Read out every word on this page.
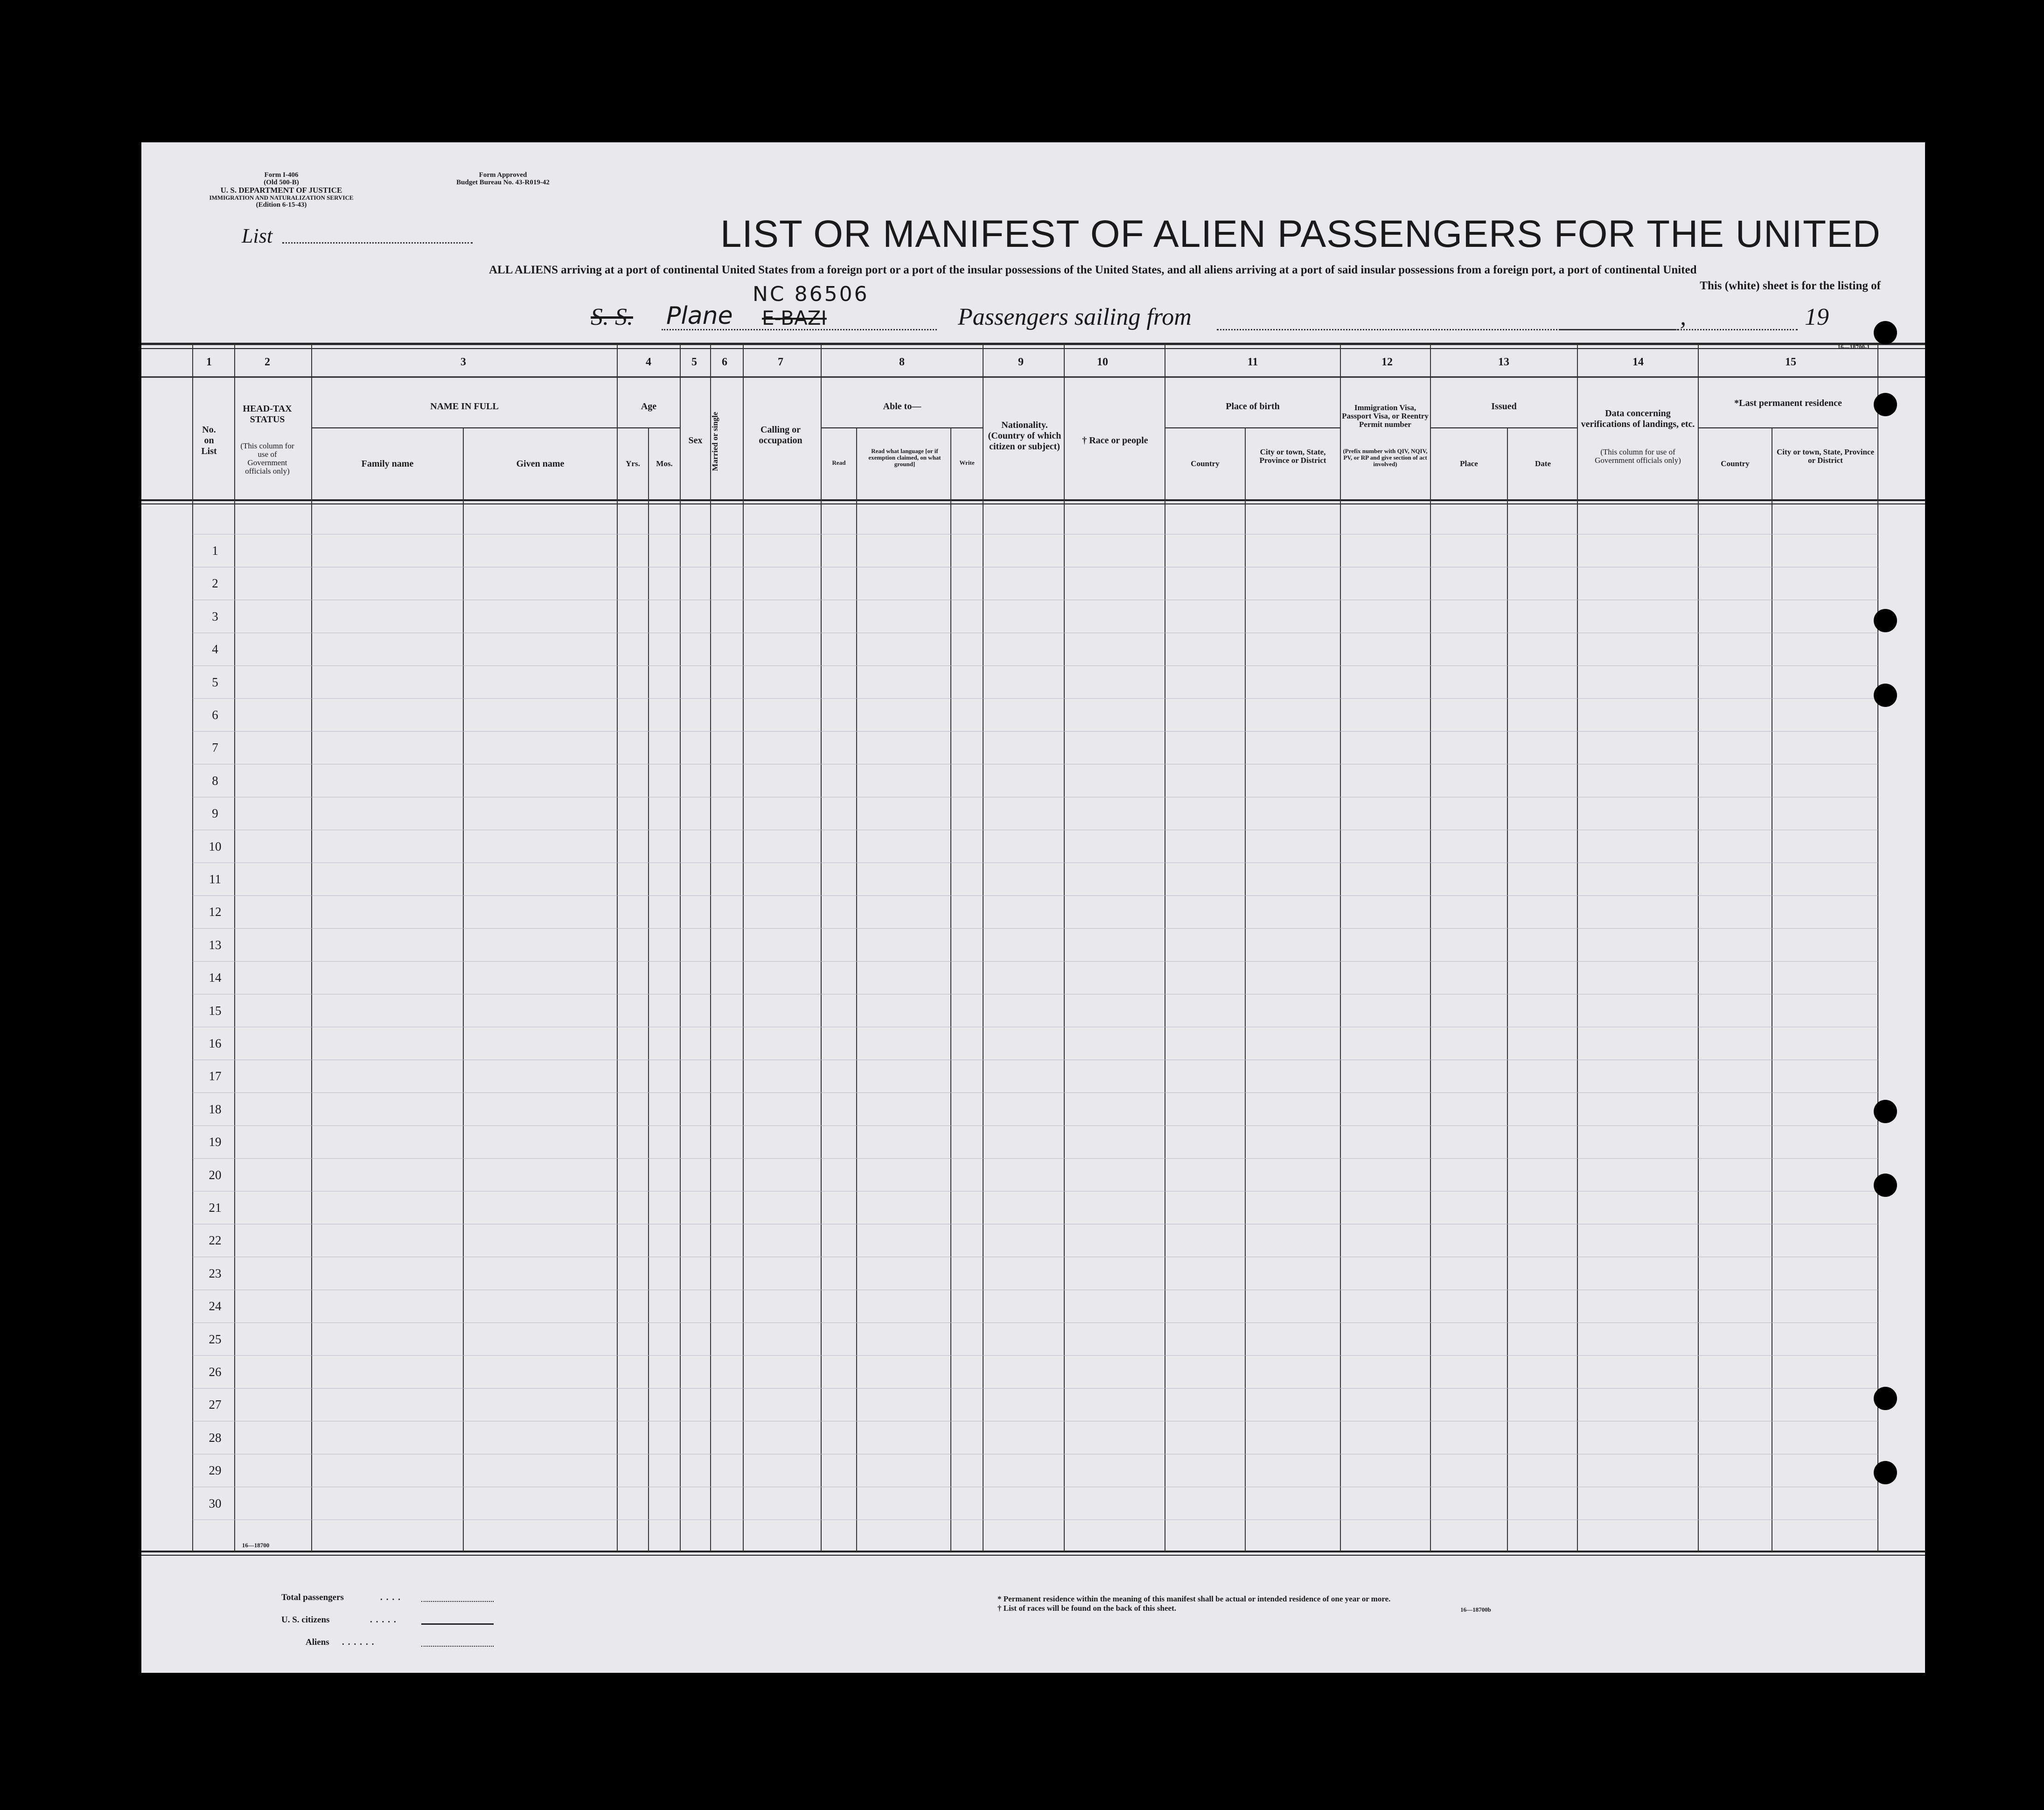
Form I-406
(Old 500-B)
U. S. DEPARTMENT OF JUSTICE
IMMIGRATION AND NATURALIZATION SERVICE
(Edition 6-15-43)
Form Approved
Budget Bureau No. 43-R019-42
List	LIST OR MANIFEST OF ALIEN PASSENGERS FOR THE UNITED
ALL ALIENS arriving at a port of continental United States from a foreign port or a port of the insular possessions of the United States, and all aliens arriving at a port of said insular possessions from a foreign port, a port of continental United
This (white) sheet is for the listing of
S. S. Plane E-BAZI
NC 86506
Passengers sailing from	,	19
1	2	3	4	5	6	7	8	9	10	11	12	13	14	15
16—18700-1
No. on List
HEAD-TAX STATUS
(This column for use of Government officials only)
NAME IN FULL
Family name	Given name
Age
Yrs.	Mos.
Sex	Married or single	Calling or occupation
Able to—
Read
Read what language [or if exemption claimed, on what ground]	Write
Nationality. (Country of which citizen or subject)
† Race or people
Place of birth
Country
City or town, State, Province or District
Immigration Visa, Passport Visa, or Reentry Permit number
(Prefix number with QIV, NQIV, PV, or RP and give section of act involved)
Issued
Place	Date
Data concerning verifications of landings, etc.
(This column for use of Government officials only)
*Last permanent residence
Country
City or town, State, Province or District
1
2
3
4
5
6
7
8
9
10
11
12
13
14
15
16
17
18
19
20
21
22
23
24
25
26
27
28
29
30
16—18700
Total passengers	....
U. S. citizens	.....
Aliens ......
* Permanent residence within the meaning of this manifest shall be actual or intended residence of one year or more.
† List of races will be found on the back of this sheet.	16—18700b
